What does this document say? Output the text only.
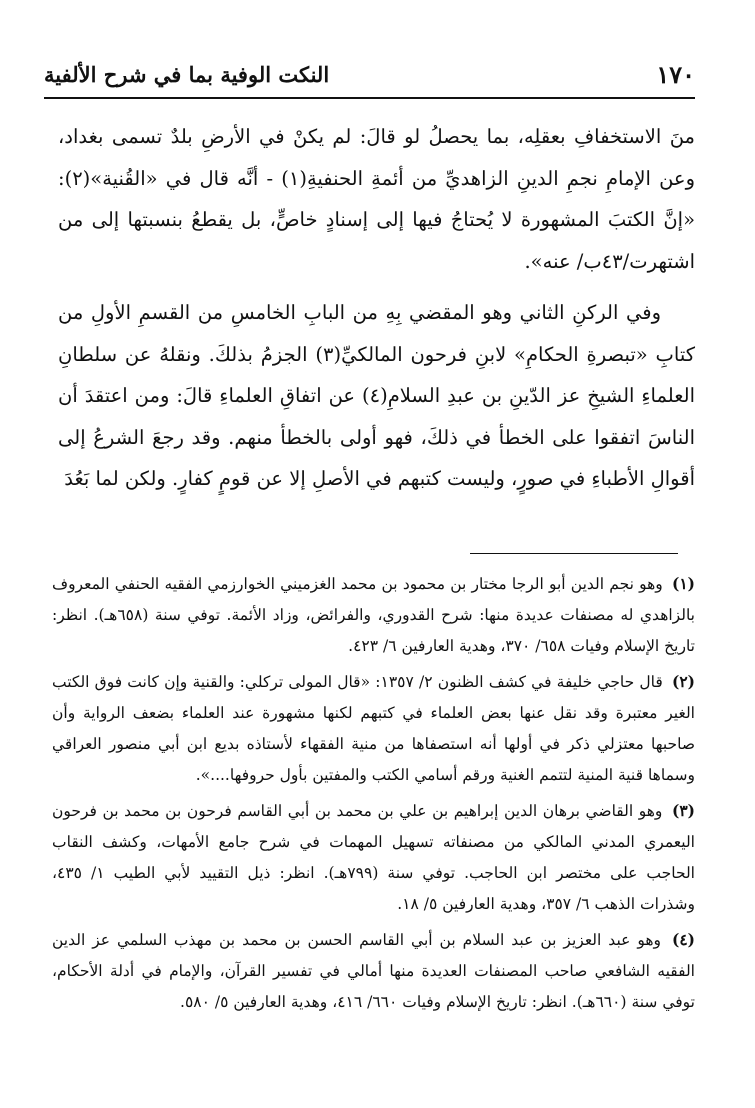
النكت الوفية بما في شرح الألفية	١٧٠

منَ الاستخفافِ بعقلِه، بما يحصلُ لو قالَ: لم يكنْ في الأرضِ بلدٌ تسمى بغداد، وعن الإمامِ نجمِ الدينِ الزاهديِّ من أئمةِ الحنفيةِ(١) - أنَّه قال في «القُنية»(٢): «إنَّ الكتبَ المشهورة لا يُحتاجُ فيها إلى إسنادٍ خاصٍّ، بل يقطعُ بنسبتها إلى من اشتهرت/٤٣ب/ عنه».

وفي الركنِ الثاني وهو المقضي بِهِ من البابِ الخامسِ من القسمِ الأولِ من كتابِ «تبصرةِ الحكامِ» لابنِ فرحون المالكيِّ(٣) الجزمُ بذلكَ. ونقلهُ عن سلطانِ العلماءِ الشيخِ عز الدّينِ بن عبدِ السلامِ(٤) عن اتفاقِ العلماءِ قالَ: ومن اعتقدَ أن الناسَ اتفقوا على الخطأ في ذلكَ، فهو أولى بالخطأ منهم. وقد رجعَ الشرعُ إلى أقوالِ الأطباءِ في صورٍ، وليست كتبهم في الأصلِ إلا عن قومٍ كفارٍ. ولكن لما بَعُدَ

(١) وهو نجم الدين أبو الرجا مختار بن محمود بن محمد الغزميني الخوارزمي الفقيه الحنفي المعروف بالزاهدي له مصنفات عديدة منها: شرح القدوري، والفرائض، وزاد الأئمة. توفي سنة (٦٥٨هـ). انظر: تاريخ الإسلام وفيات ٦٥٨/ ٣٧٠، وهدية العارفين ٦/ ٤٢٣.

(٢) قال حاجي خليفة في كشف الظنون ٢/ ١٣٥٧: «قال المولى تركلي: والقنية وإن كانت فوق الكتب الغير معتبرة وقد نقل عنها بعض العلماء في كتبهم لكنها مشهورة عند العلماء بضعف الرواية وأن صاحبها معتزلي ذكر في أولها أنه استصفاها من منية الفقهاء لأستاذه بديع ابن أبي منصور العراقي وسماها قنية المنية لتتمم الغنية ورقم أسامي الكتب والمفتين بأول حروفها....».

(٣) وهو القاضي برهان الدين إبراهيم بن علي بن محمد بن أبي القاسم فرحون بن محمد بن فرحون اليعمري المدني المالكي من مصنفاته تسهيل المهمات في شرح جامع الأمهات، وكشف النقاب الحاجب على مختصر ابن الحاجب. توفي سنة (٧٩٩هـ). انظر: ذيل التقييد لأبي الطيب ١/ ٤٣٥، وشذرات الذهب ٦/ ٣٥٧، وهدية العارفين ٥/ ١٨.

(٤) وهو عبد العزيز بن عبد السلام بن أبي القاسم الحسن بن محمد بن مهذب السلمي عز الدين الفقيه الشافعي صاحب المصنفات العديدة منها أمالي في تفسير القرآن، والإمام في أدلة الأحكام، توفي سنة (٦٦٠هـ). انظر: تاريخ الإسلام وفيات ٦٦٠/ ٤١٦، وهدية العارفين ٥/ ٥٨٠.
